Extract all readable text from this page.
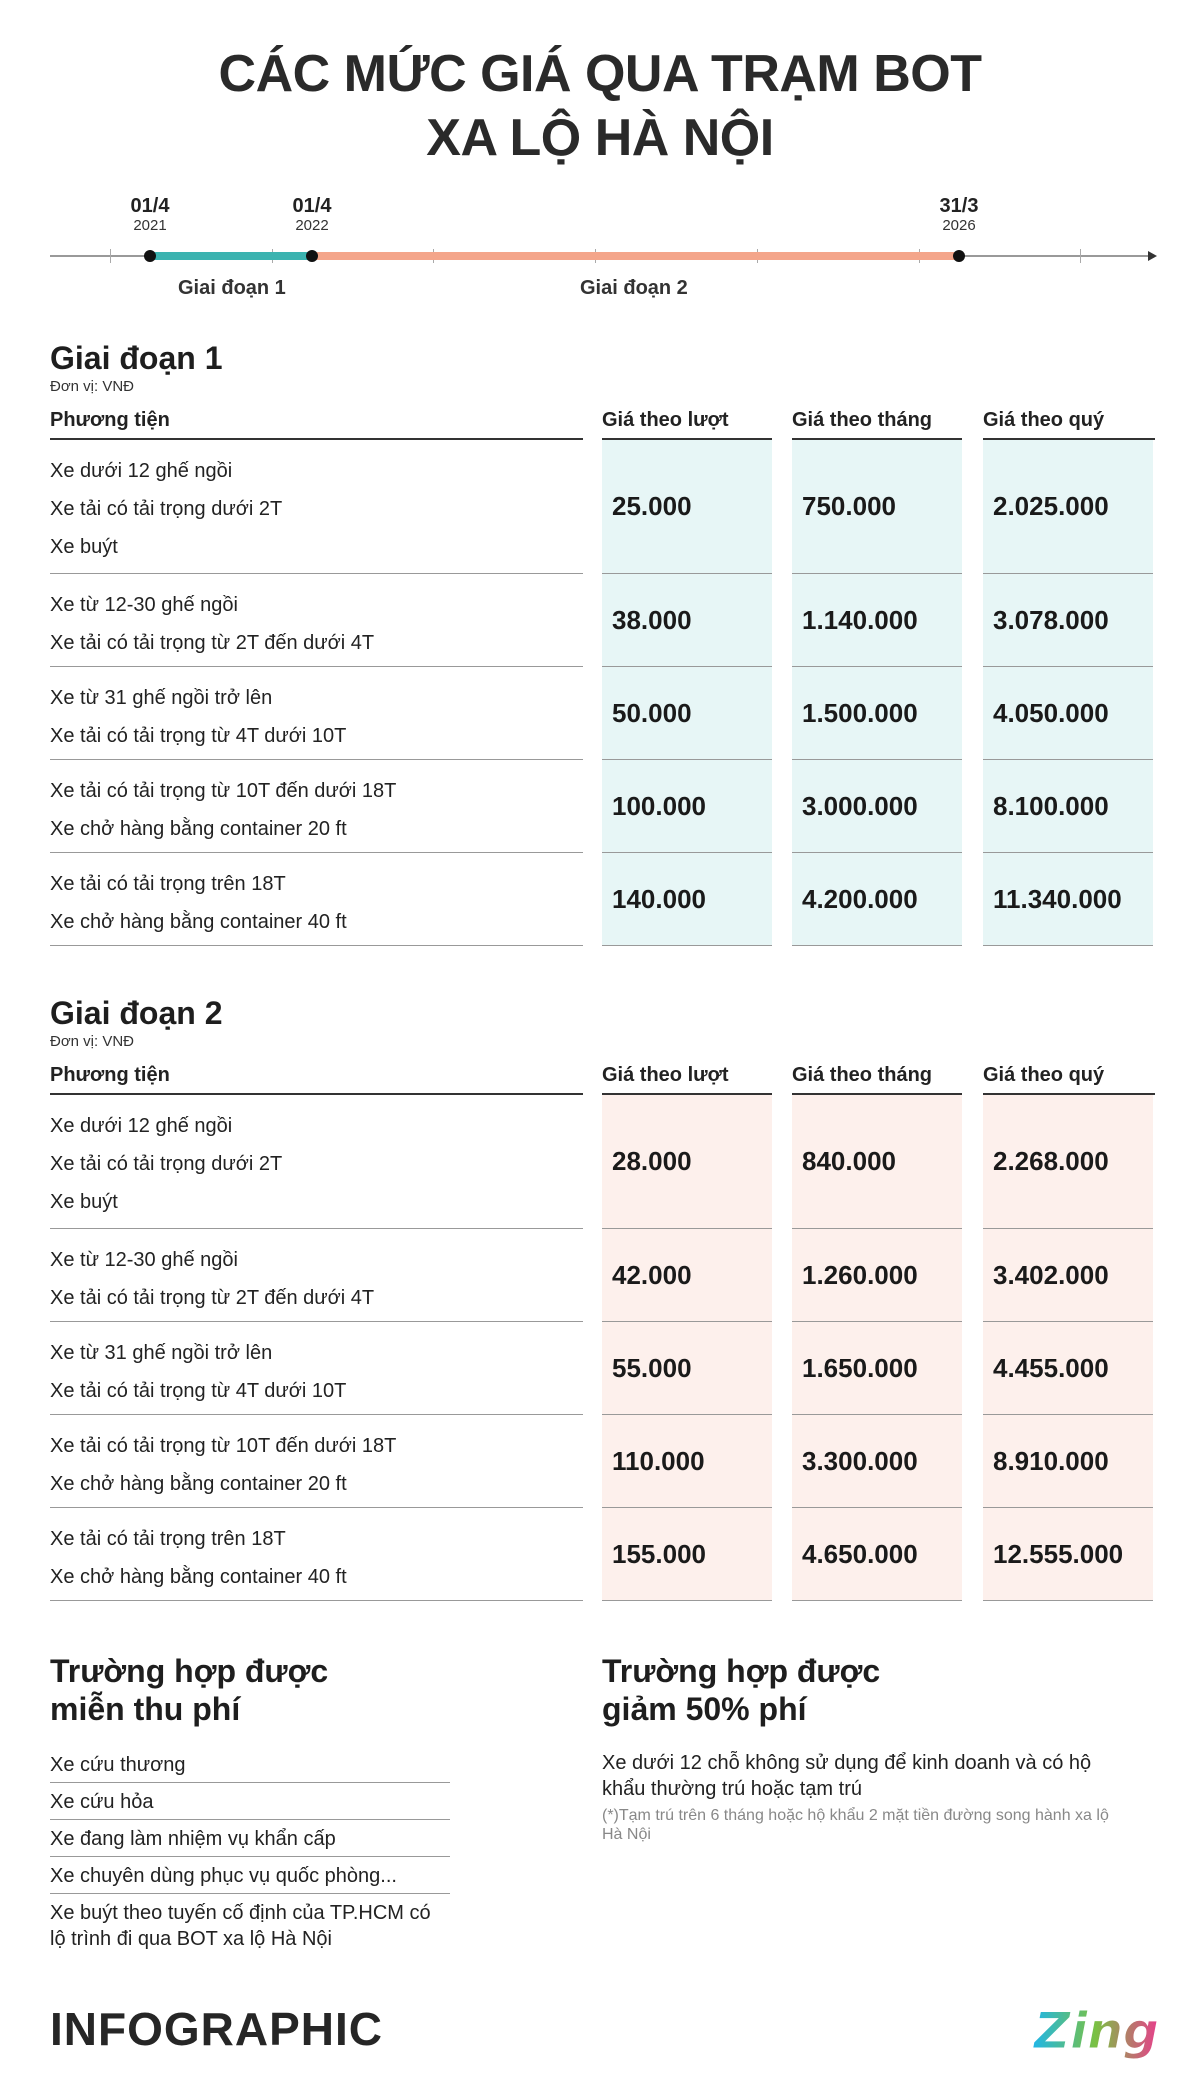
CÁC MỨC GIÁ QUA TRẠM BOT
XA LỘ HÀ NỘI
01/4
2021
01/4
2022
31/3
2026
Giai đoạn 1	Giai đoạn 2
Giai đoạn 1
Đơn vị: VNĐ
Phương tiện	Giá theo lượt	Giá theo tháng	Giá theo quý
Xe dưới 12 ghế ngồi
Xe tải có tải trọng dưới 2T
Xe buýt
25.000	750.000	2.025.000
Xe từ 12-30 ghế ngồi
Xe tải có tải trọng từ 2T đến dưới 4T
38.000	1.140.000	3.078.000
Xe từ 31 ghế ngồi trở lên
Xe tải có tải trọng từ 4T dưới 10T
50.000	1.500.000	4.050.000
Xe tải có tải trọng từ 10T đến dưới 18T
Xe chở hàng bằng container 20 ft
100.000	3.000.000	8.100.000
Xe tải có tải trọng trên 18T
Xe chở hàng bằng container 40 ft
140.000	4.200.000	11.340.000
Giai đoạn 2
Đơn vị: VNĐ
Phương tiện	Giá theo lượt	Giá theo tháng	Giá theo quý
Xe dưới 12 ghế ngồi
Xe tải có tải trọng dưới 2T
Xe buýt
28.000	840.000	2.268.000
Xe từ 12-30 ghế ngồi
Xe tải có tải trọng từ 2T đến dưới 4T
42.000	1.260.000	3.402.000
Xe từ 31 ghế ngồi trở lên
Xe tải có tải trọng từ 4T dưới 10T
55.000	1.650.000	4.455.000
Xe tải có tải trọng từ 10T đến dưới 18T
Xe chở hàng bằng container 20 ft
110.000	3.300.000	8.910.000
Xe tải có tải trọng trên 18T
Xe chở hàng bằng container 40 ft
155.000	4.650.000	12.555.000
Trường hợp được
miễn thu phí
Xe cứu thương
Xe cứu hỏa
Xe đang làm nhiệm vụ khẩn cấp
Xe chuyên dùng phục vụ quốc phòng...
Xe buýt theo tuyến cố định của TP.HCM có lộ trình đi qua BOT xa lộ Hà Nội
Trường hợp được
giảm 50% phí
Xe dưới 12 chỗ không sử dụng để kinh doanh và có hộ khẩu thường trú hoặc tạm trú
(*)Tạm trú trên 6 tháng hoặc hộ khẩu 2 mặt tiền đường song hành xa lộ Hà Nội
INFOGRAPHIC	Zing
